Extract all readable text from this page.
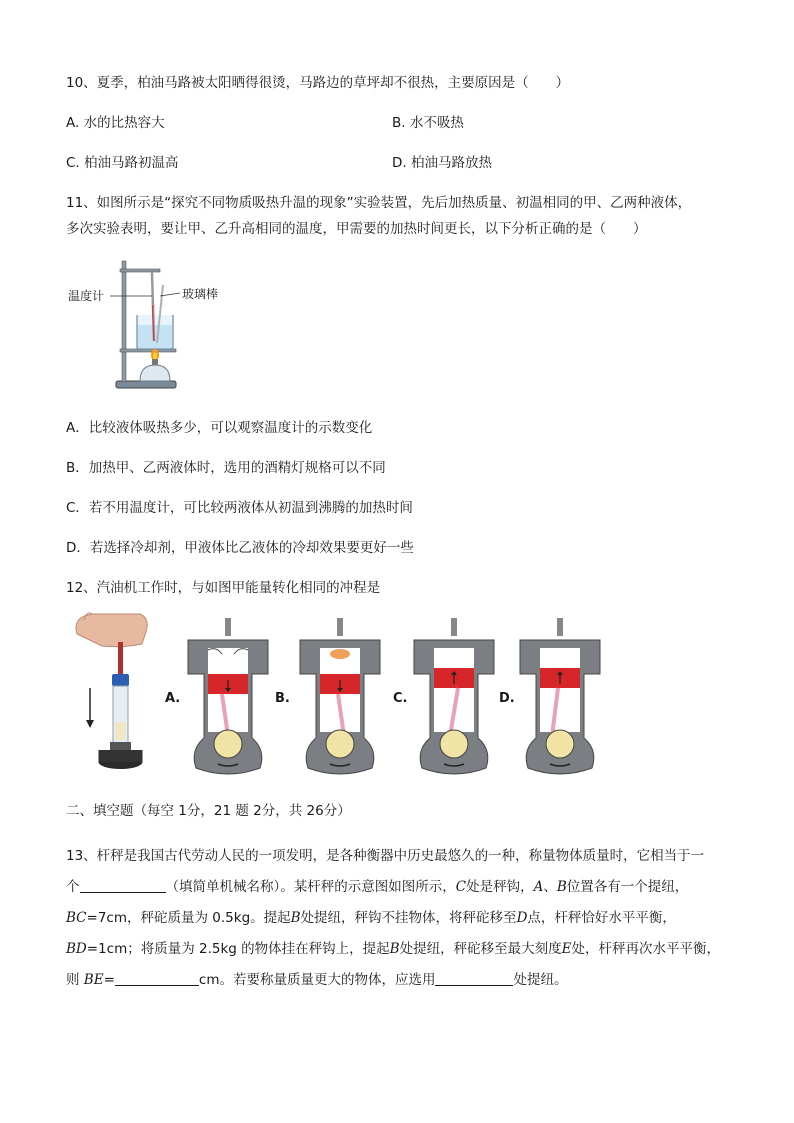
10、夏季，柏油马路被太阳晒得很烫，马路边的草坪却不很热，主要原因是（　　）
A. 水的比热容大	B. 水不吸热
C. 柏油马路初温高	D. 柏油马路放热
11、如图所示是“探究不同物质吸热升温的现象”实验装置，先后加热质量、初温相同的甲、乙两种液体，
多次实验表明，要让甲、乙升高相同的温度，甲需要的加热时间更长，以下分析正确的是（　　）
温度计	玻璃棒
A．比较液体吸热多少，可以观察温度计的示数变化
B．加热甲、乙两液体时，选用的酒精灯规格可以不同
C．若不用温度计，可比较两液体从初温到沸腾的加热时间
D．若选择冷却剂，甲液体比乙液体的冷却效果要更好一些
12、汽油机工作时，与如图甲能量转化相同的冲程是
A.	B.	C.	D.
二、填空题（每空 1分，21 题 2分，共 26分）
13、杆秤是我国古代劳动人民的一项发明，是各种衡器中历史最悠久的一种，称量物体质量时，它相当于一
个	（填简单机械名称）。某杆秤的示意图如图所示，C处是秤钩，A、B位置各有一个提纽，
BC=7cm，秤砣质量为 0.5kg。提起B处提纽，秤钩不挂物体，将秤砣移至D点，杆秤恰好水平平衡，
BD=1cm；将质量为 2.5kg 的物体挂在秤钩上，提起B处提纽，秤砣移至最大刻度E处，杆秤再次水平平衡，
则 BE=	cm。若要称量质量更大的物体，应选用	处提纽。
